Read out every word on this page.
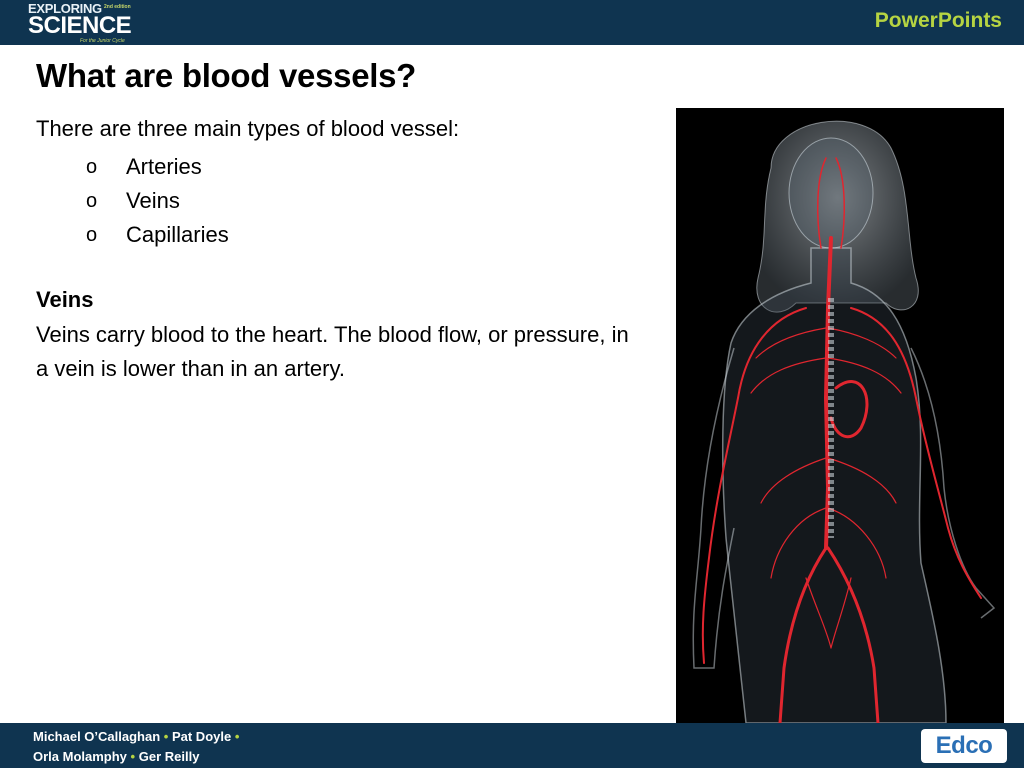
EXPLORING 2nd edition
SCIENCE
For the Junior Cycle
PowerPoints
What are blood vessels?

There are three main types of blood vessel:

o Arteries
o Veins
o Capillaries
Veins

Veins carry blood to the heart. The blood flow, or pressure, in a vein is lower than in an artery.

Michael O’Callaghan • Pat Doyle •
Orla Molamphy • Ger Reilly	Edco
